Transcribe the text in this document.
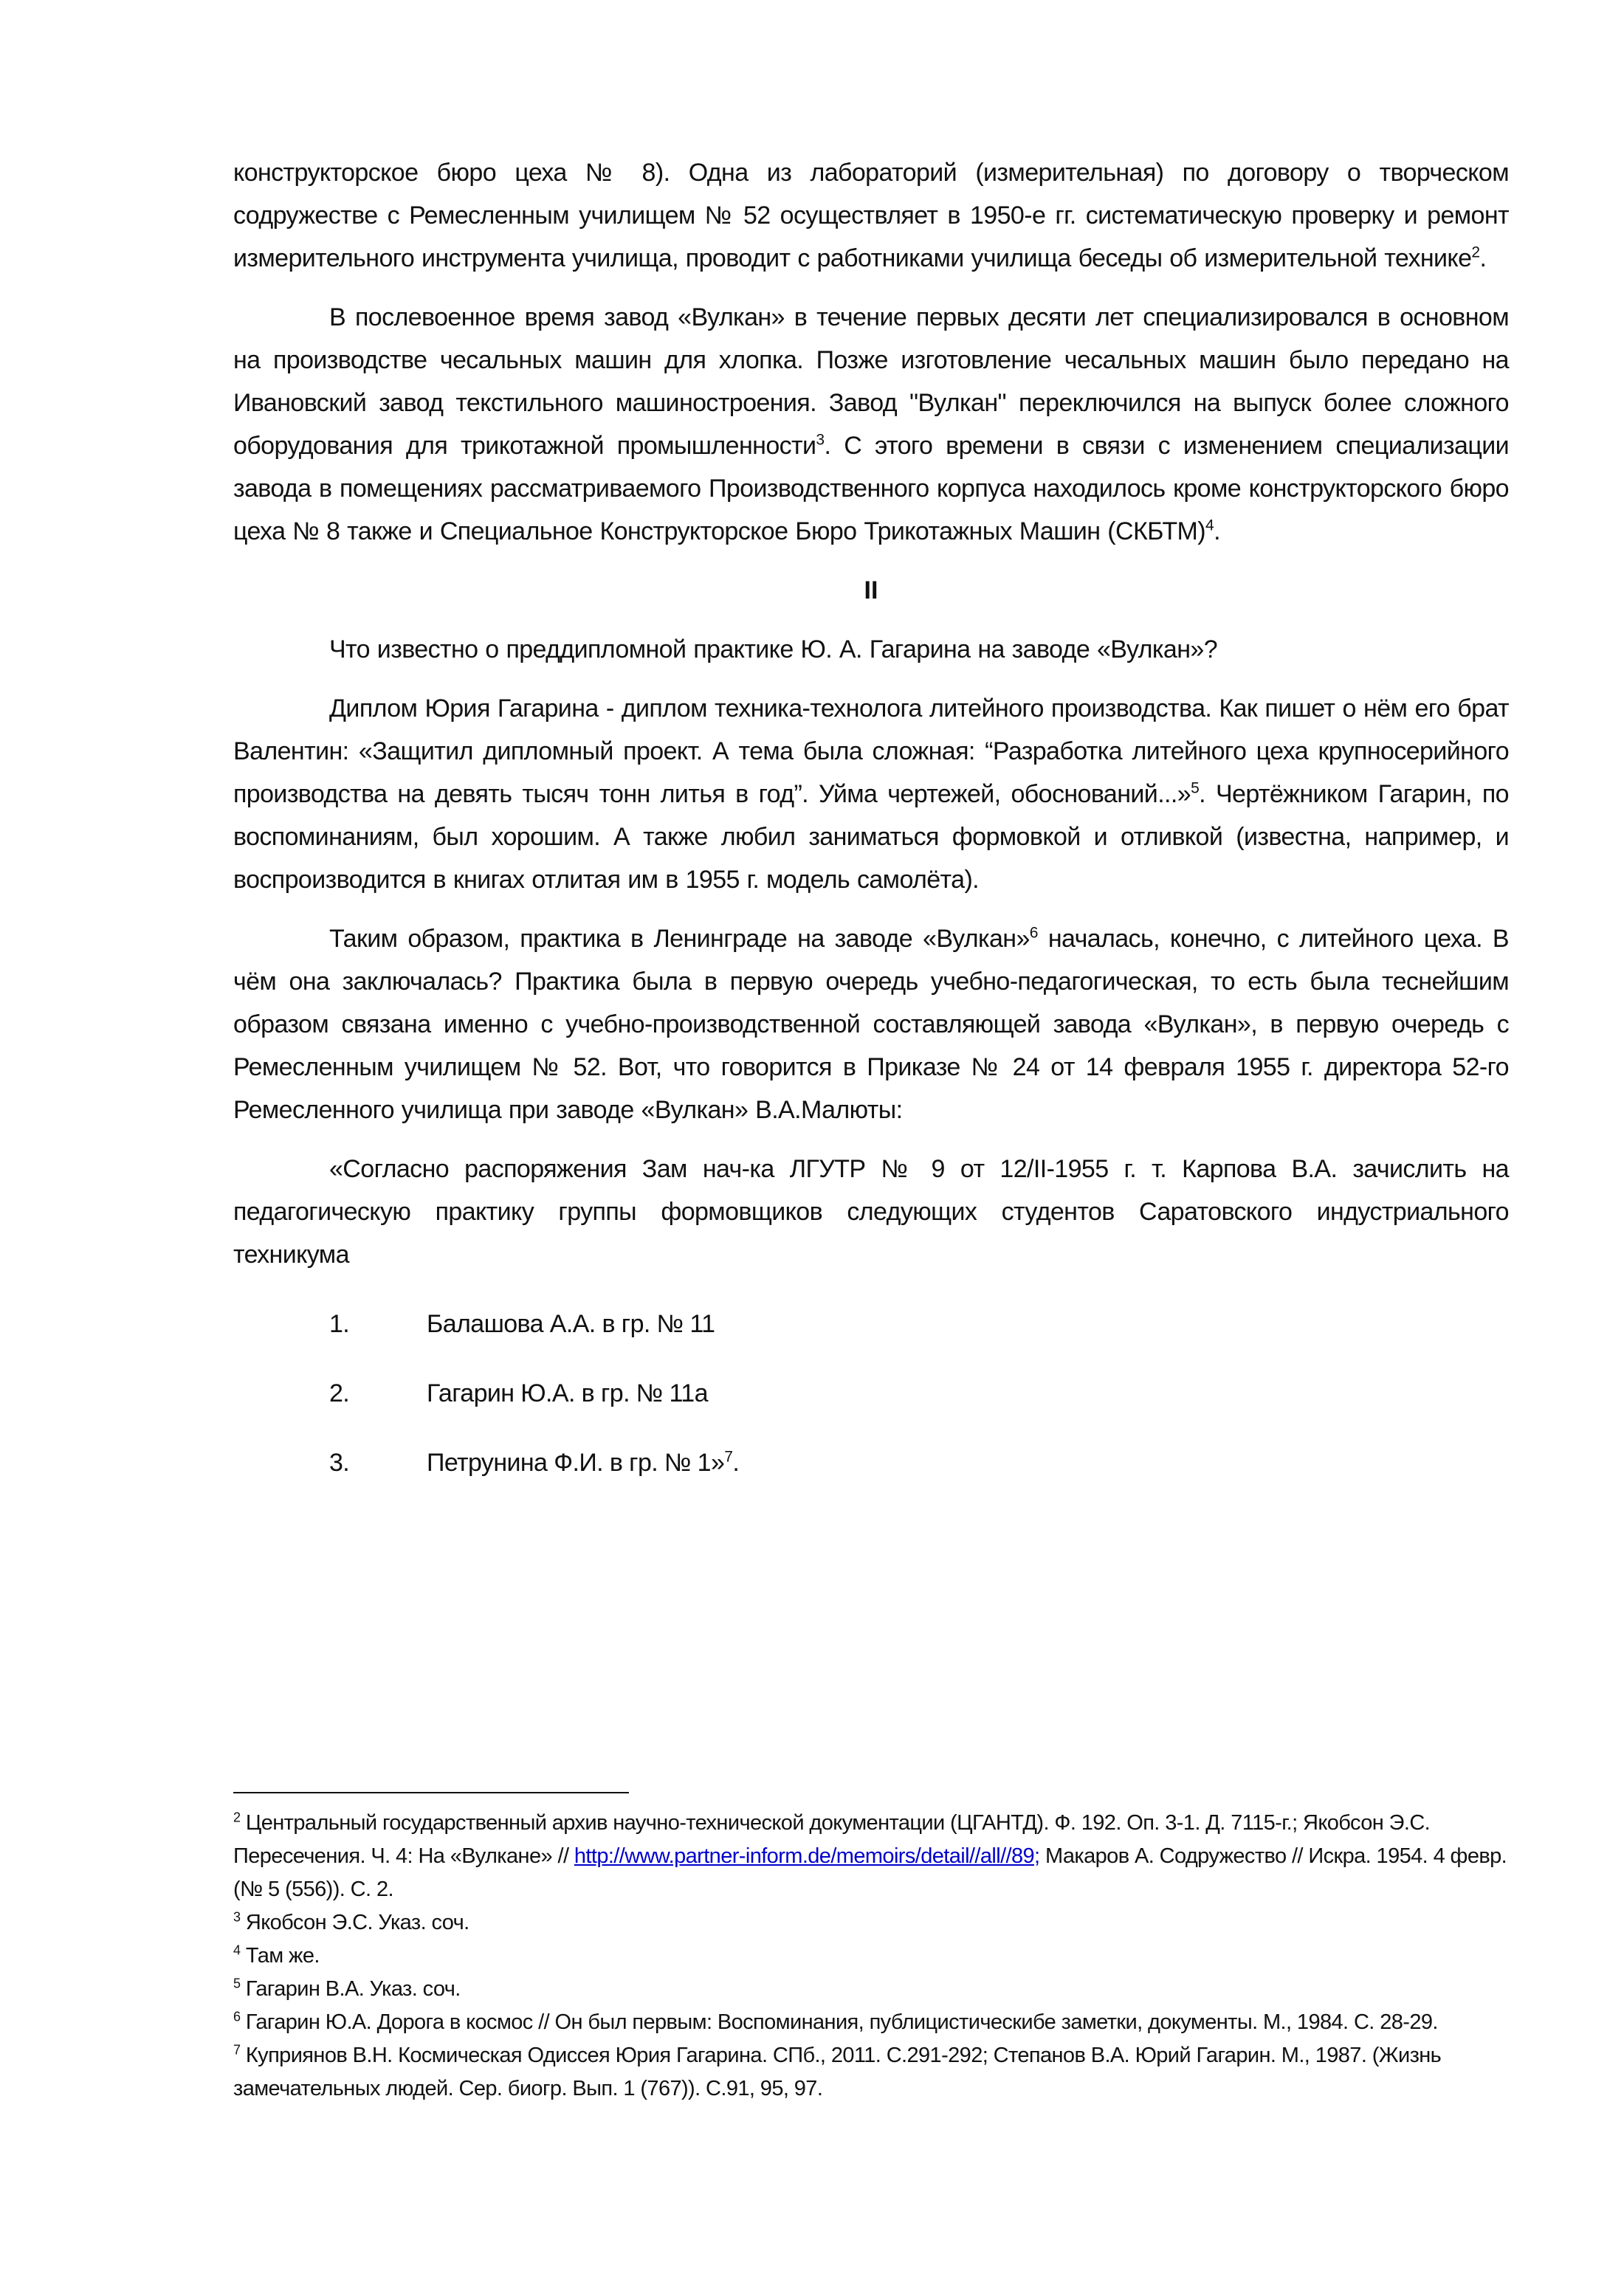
конструкторское бюро цеха № 8). Одна из лабораторий (измерительная) по договору о творческом содружестве с Ремесленным училищем № 52 осуществляет в 1950-е гг. систематическую проверку и ремонт измерительного инструмента училища, проводит с работниками училища беседы об измерительной технике$^2$.

В послевоенное время завод «Вулкан» в течение первых десяти лет специализировался в основном на производстве чесальных машин для хлопка. Позже изготовление чесальных машин было передано на Ивановский завод текстильного машиностроения. Завод "Вулкан" переключился на выпуск более сложного оборудования для трикотажной промышленности$^3$. С этого времени в связи с изменением специализации завода в помещениях рассматриваемого Производственного корпуса находилось кроме конструкторского бюро цеха № 8 также и Специальное Конструкторское Бюро Трикотажных Машин (СКБТМ)$^4$.

II

Что известно о преддипломной практике Ю. А. Гагарина на заводе «Вулкан»?

Диплом Юрия Гагарина - диплом техника-технолога литейного производства. Как пишет о нём его брат Валентин: «Защитил дипломный проект. А тема была сложная: “Разработка литейного цеха крупносерийного производства на девять тысяч тонн литья в год”. Уйма чертежей, обоснований...»$^5$. Чертёжником Гагарин, по воспоминаниям, был хорошим. А также любил заниматься формовкой и отливкой (известна, например, и воспроизводится в книгах отлитая им в 1955 г. модель самолёта).

Таким образом, практика в Ленинграде на заводе «Вулкан»$^6$ началась, конечно, с литейного цеха. В чём она заключалась? Практика была в первую очередь учебно-педагогическая, то есть была теснейшим образом связана именно с учебно-производственной составляющей завода «Вулкан», в первую очередь с Ремесленным училищем № 52. Вот, что говорится в Приказе № 24 от 14 февраля 1955 г. директора 52-го Ремесленного училища при заводе «Вулкан» В.А.Малюты:

«Согласно распоряжения Зам нач-ка ЛГУТР № 9 от 12/II-1955 г. т. Карпова В.А. зачислить на педагогическую практику группы формовщиков следующих студентов Саратовского индустриального техникума

1.	Балашова А.А. в гр. № 11
2.	Гагарин Ю.А. в гр. № 11а
3.	Петрунина Ф.И. в гр. № 1»$^7$.

$^2$ Центральный государственный архив научно-технической документации (ЦГАНТД). Ф. 192. Оп. 3-1. Д. 7115-г.; Якобсон Э.С. Пересечения. Ч. 4: На «Вулкане» // http://www.partner-inform.de/memoirs/detail//all//89; Макаров А. Содружество // Искра. 1954. 4 февр. (№ 5 (556)). С. 2.

$^3$ Якобсон Э.С. Указ. соч.

$^4$ Там же.

$^5$ Гагарин В.А. Указ. соч.

$^6$ Гагарин Ю.А. Дорога в космос // Он был первым: Воспоминания, публицистическибе заметки, документы. М., 1984. С. 28-29.

$^7$ Куприянов В.Н. Космическая Одиссея Юрия Гагарина. СПб., 2011. С.291-292; Степанов В.А. Юрий Гагарин. М., 1987. (Жизнь замечательных людей. Сер. биогр. Вып. 1 (767)). С.91, 95, 97.
